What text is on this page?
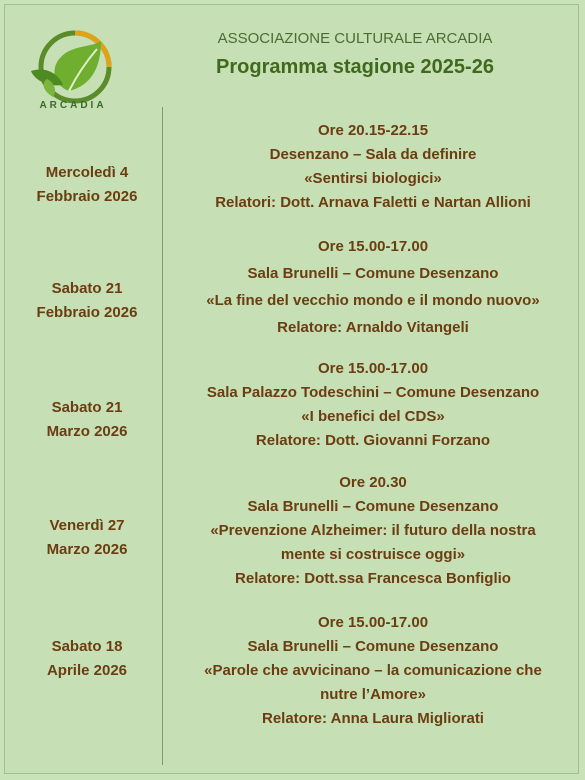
ARCADIA
ASSOCIAZIONE CULTURALE ARCADIA
Programma stagione 2025-26
Mercoledì 4
Febbraio 2026
Ore 20.15-22.15
Desenzano – Sala da definire
«Sentirsi biologici»
Relatori: Dott. Arnava Faletti e Nartan Allioni
Sabato 21
Febbraio 2026
Ore 15.00-17.00
Sala Brunelli – Comune Desenzano
«La fine del vecchio mondo e il mondo nuovo»
Relatore: Arnaldo Vitangeli
Sabato 21
Marzo 2026
Ore 15.00-17.00
Sala Palazzo Todeschini – Comune Desenzano
«I benefici del CDS»
Relatore: Dott. Giovanni Forzano
Venerdì 27
Marzo 2026
Ore 20.30
Sala Brunelli – Comune Desenzano
«Prevenzione Alzheimer: il futuro della nostra
mente si costruisce oggi»
Relatore: Dott.ssa Francesca Bonfiglio
Sabato 18
Aprile 2026
Ore 15.00-17.00
Sala Brunelli – Comune Desenzano
«Parole che avvicinano – la comunicazione che
nutre l’Amore»
Relatore: Anna Laura Migliorati
